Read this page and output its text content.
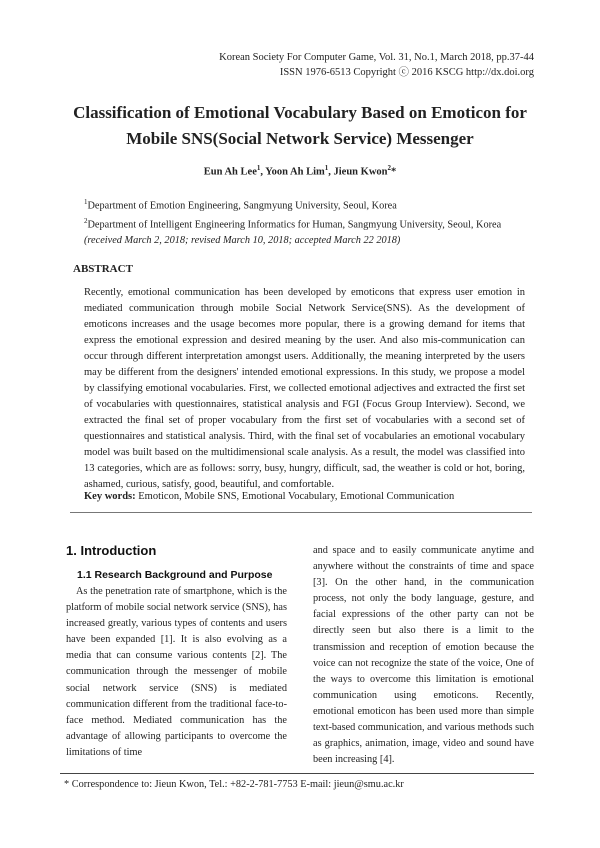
Korean Society For Computer Game, Vol. 31, No.1, March 2018, pp.37-44
ISSN 1976-6513 Copyright ⓒ 2016 KSCG http://dx.doi.org
Classification of Emotional Vocabulary Based on Emoticon for
Mobile SNS(Social Network Service) Messenger
Eun Ah Lee$^1$, Yoon Ah Lim$^1$, Jieun Kwon$^2$*
$^1$Department of Emotion Engineering, Sangmyung University, Seoul, Korea
$^2$Department of Intelligent Engineering Informatics for Human, Sangmyung University, Seoul, Korea
(received March 2, 2018; revised March 10, 2018; accepted March 22 2018)
ABSTRACT

Recently, emotional communication has been developed by emoticons that express user emotion in mediated communication through mobile Social Network Service(SNS). As the development of emoticons increases and the usage becomes more popular, there is a growing demand for items that express the emotional expression and desired meaning by the user. And also mis-communication can occur through different interpretation amongst users. Additionally, the meaning interpreted by the users may be different from the designers' intended emotional expressions. In this study, we propose a model by classifying emotional vocabularies. First, we collected emotional adjectives and extracted the first set of vocabularies with questionnaires, statistical analysis and FGI (Focus Group Interview). Second, we extracted the final set of proper vocabulary from the first set of vocabularies with a second set of questionnaires and statistical analysis. Third, with the final set of vocabularies an emotional vocabulary model was built based on the multidimensional scale analysis. As a result, the model was classified into 13 categories, which are as follows: sorry, busy, hungry, difficult, sad, the weather is cold or hot, boring, ashamed, curious, satisfy, good, beautiful, and comfortable.

Key words: Emoticon, Mobile SNS, Emotional Vocabulary, Emotional Communication
1. Introduction
1.1 Research Background and Purpose

As the penetration rate of smartphone, which is the platform of mobile social network service (SNS), has increased greatly, various types of contents and users have been expanded [1]. It is also evolving as a media that can consume various contents [2]. The communication through the messenger of mobile social network service (SNS) is mediated communication different from the traditional face-to-face method. Mediated communication has the advantage of allowing participants to overcome the limitations of time

and space and to easily communicate anytime and anywhere without the constraints of time and space [3]. On the other hand, in the communication process, not only the body language, gesture, and facial expressions of the other party can not be directly seen but also there is a limit to the transmission and reception of emotion because the voice can not recognize the state of the voice, One of the ways to overcome this limitation is emotional communication using emoticons. Recently, emotional emoticon has been used more than simple text-based communication, and various methods such as graphics, animation, image, video and sound have been increasing [4].

* Correspondence to: Jieun Kwon, Tel.: +82-2-781-7753 E-mail: jieun@smu.ac.kr
